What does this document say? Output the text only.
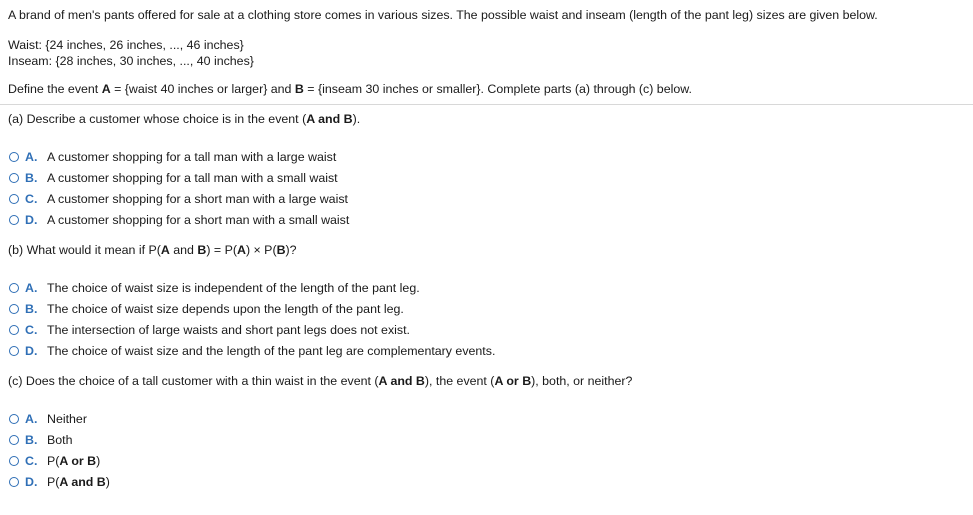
A brand of men's pants offered for sale at a clothing store comes in various sizes. The possible waist and inseam (length of the pant leg) sizes are given below.
Waist: {24 inches, 26 inches, ..., 46 inches}
Inseam: {28 inches, 30 inches, ..., 40 inches}
Define the event A = {waist 40 inches or larger} and B = {inseam 30 inches or smaller}. Complete parts (a) through (c) below.
(a) Describe a customer whose choice is in the event (A and B).
A. A customer shopping for a tall man with a large waist
B. A customer shopping for a tall man with a small waist
C. A customer shopping for a short man with a large waist
D. A customer shopping for a short man with a small waist
(b) What would it mean if P(A and B) = P(A) × P(B)?
A. The choice of waist size is independent of the length of the pant leg.
B. The choice of waist size depends upon the length of the pant leg.
C. The intersection of large waists and short pant legs does not exist.
D. The choice of waist size and the length of the pant leg are complementary events.
(c) Does the choice of a tall customer with a thin waist in the event (A and B), the event (A or B), both, or neither?
A. Neither
B. Both
C. P(A or B)
D. P(A and B)
